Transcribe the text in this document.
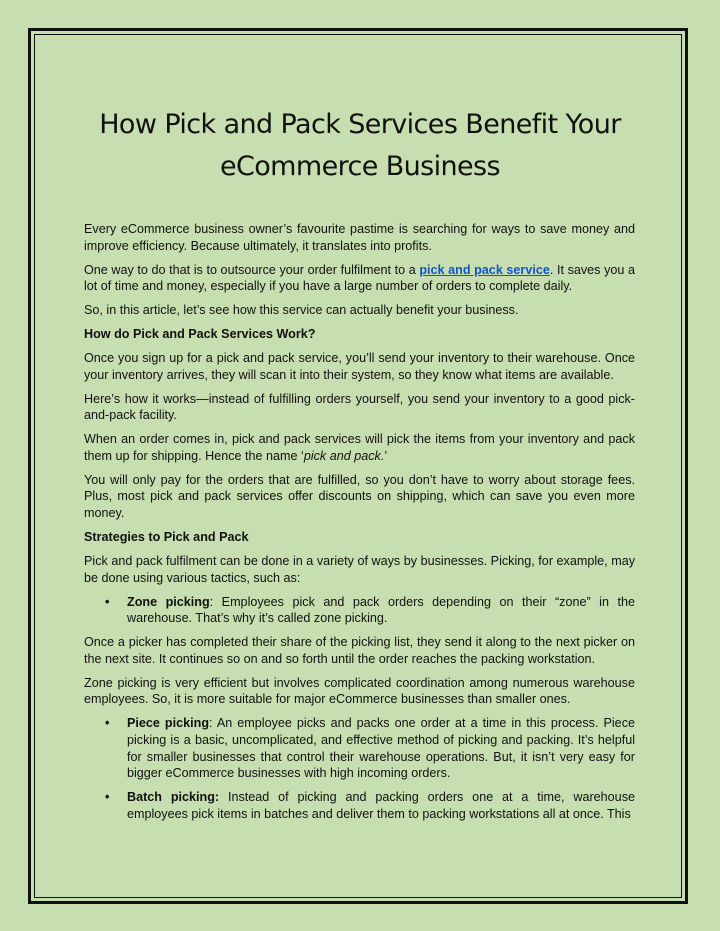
How Pick and Pack Services Benefit Your
eCommerce Business

Every eCommerce business owner’s favourite pastime is searching for ways to save money and improve efficiency. Because ultimately, it translates into profits.

One way to do that is to outsource your order fulfilment to a pick and pack service. It saves you a lot of time and money, especially if you have a large number of orders to complete daily.

So, in this article, let’s see how this service can actually benefit your business.

How do Pick and Pack Services Work?

Once you sign up for a pick and pack service, you’ll send your inventory to their warehouse. Once your inventory arrives, they will scan it into their system, so they know what items are available.

Here’s how it works—instead of fulfilling orders yourself, you send your inventory to a good pick-and-pack facility.

When an order comes in, pick and pack services will pick the items from your inventory and pack them up for shipping. Hence the name ‘pick and pack.’

You will only pay for the orders that are fulfilled, so you don’t have to worry about storage fees. Plus, most pick and pack services offer discounts on shipping, which can save you even more money.

Strategies to Pick and Pack

Pick and pack fulfilment can be done in a variety of ways by businesses. Picking, for example, may be done using various tactics, such as:

• Zone picking: Employees pick and pack orders depending on their “zone” in the warehouse. That’s why it’s called zone picking.

Once a picker has completed their share of the picking list, they send it along to the next picker on the next site. It continues so on and so forth until the order reaches the packing workstation.

Zone picking is very efficient but involves complicated coordination among numerous warehouse employees. So, it is more suitable for major eCommerce businesses than smaller ones.

• Piece picking: An employee picks and packs one order at a time in this process. Piece picking is a basic, uncomplicated, and effective method of picking and packing. It’s helpful for smaller businesses that control their warehouse operations. But, it isn’t very easy for bigger eCommerce businesses with high incoming orders.
• Batch picking: Instead of picking and packing orders one at a time, warehouse employees pick items in batches and deliver them to packing workstations all at once. This
